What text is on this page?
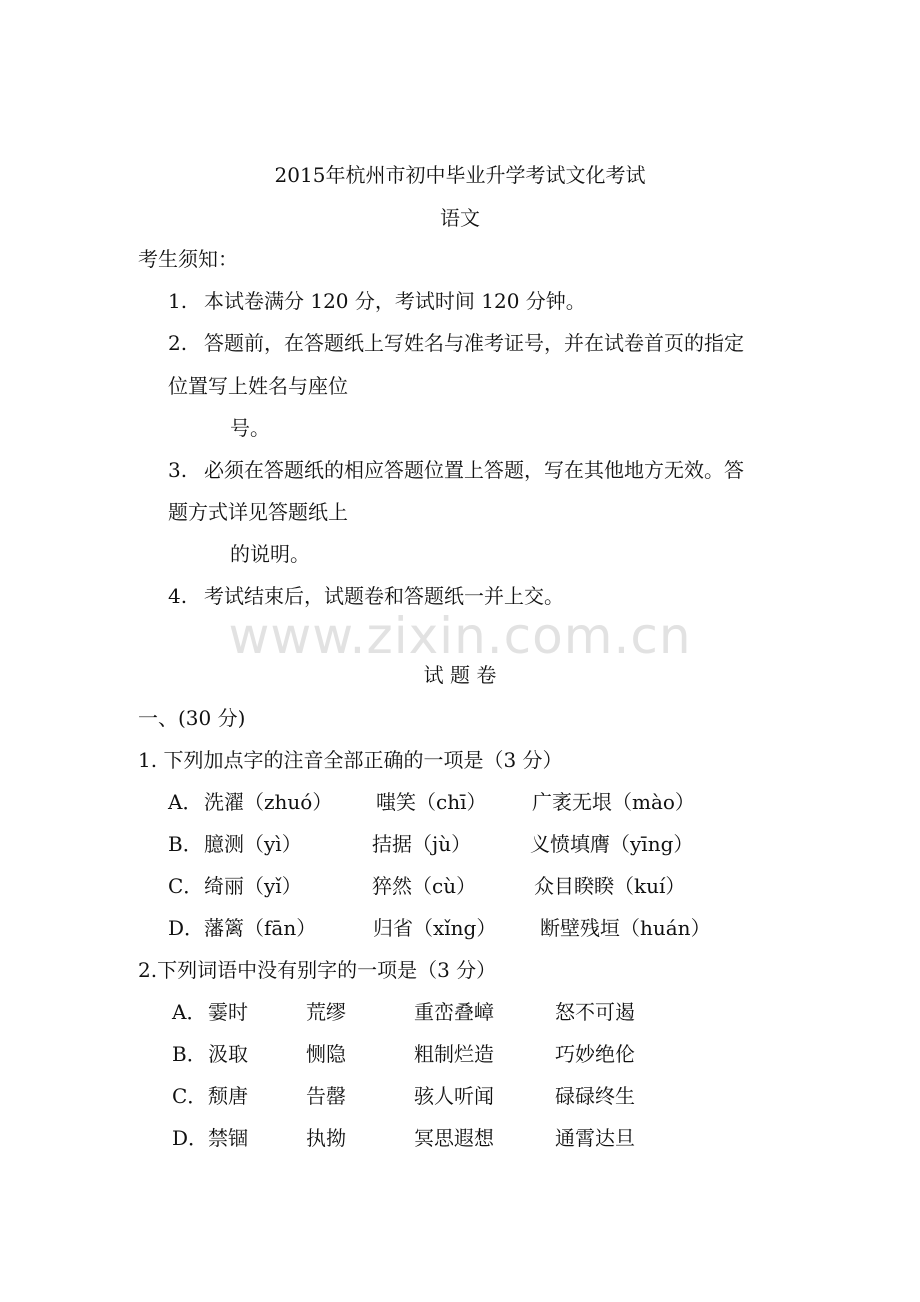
2015年杭州市初中毕业升学考试文化考试
语文
考生须知：
1. 本试卷满分 120 分，考试时间 120 分钟。
2. 答题前，在答题纸上写姓名与准考证号，并在试卷首页的指定
位置写上姓名与座位
号。
3. 必须在答题纸的相应答题位置上答题，写在其他地方无效。答
题方式详见答题纸上
的说明。
4. 考试结束后，试题卷和答题纸一并上交。
www.zixin.com.cn
试 题 卷
一、(30 分)
1. 下列加点字的注音全部正确的一项是（3 分）
A． 洗濯（zhuó） 嗤笑（chī） 广袤无垠（mào）
B． 臆测（yì）	拮据（jù）	义愤填膺（yīng）
C． 绮丽（yǐ）	猝然（cù）	众目睽睽（kuí）
D． 藩篱（fān）	归省（xǐng） 断壁残垣（huán）
2.下列词语中没有别字的一项是（3 分）
A． 霎时	荒缪	重峦叠嶂	怒不可遏
B． 汲取	恻隐	粗制烂造	巧妙绝伦
C． 颓唐	告罄	骇人听闻	碌碌终生
D． 禁锢	执拗	冥思遐想	通霄达旦
